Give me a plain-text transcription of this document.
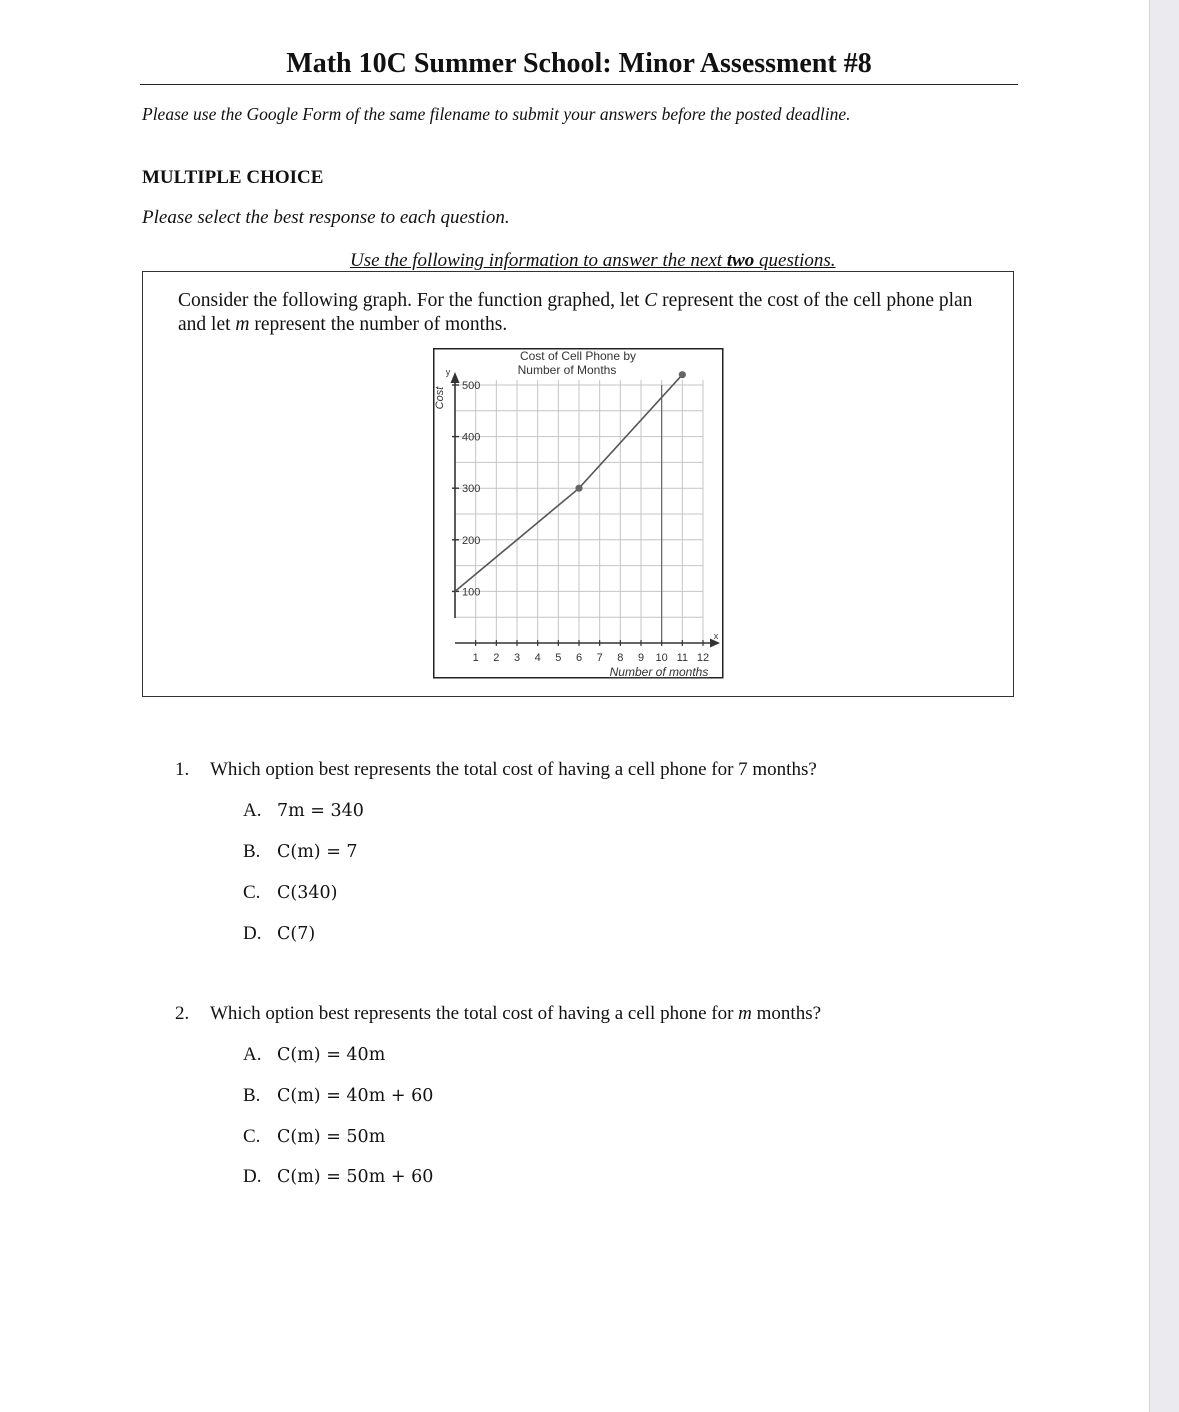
Math 10C Summer School: Minor Assessment #8
Please use the Google Form of the same filename to submit your answers before the posted deadline.
MULTIPLE CHOICE
Please select the best response to each question.
Use the following information to answer the next two questions.
Consider the following graph. For the function graphed, let C represent the cost of the cell phone plan and let m represent the number of months.
100
200
300
400
500
1 2 3 4 5 6 7 8 9 10 11 12
Cost of Cell Phone by
Number of Months
y
x
Cost
Number of months
1. Which option best represents the total cost of having a cell phone for 7 months?
A. 7m = 340
B. C(m) = 7
C. C(340)
D. C(7)
2. Which option best represents the total cost of having a cell phone for m months?
A. C(m) = 40m
B. C(m) = 40m + 60
C. C(m) = 50m
D. C(m) = 50m + 60
